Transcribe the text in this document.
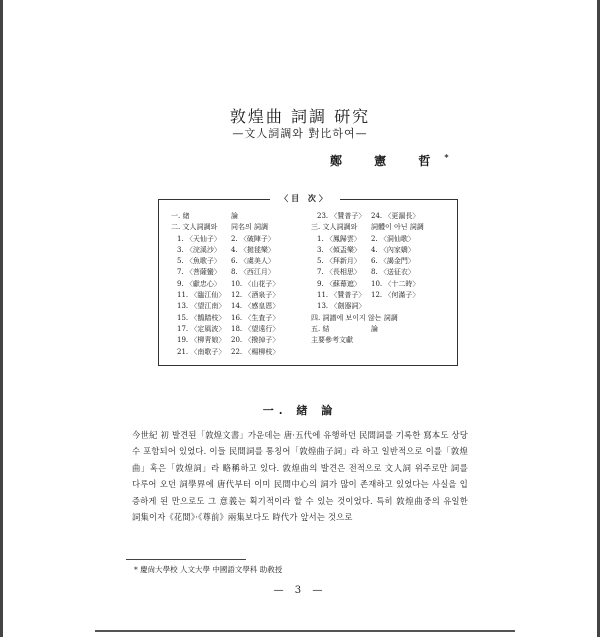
敦煌曲 詞調 硏究
—文人詞調와 對比하여—
鄭 憲 哲*
〈目 次〉
一. 緖	論
二. 文人詞調와 同名의 詞調
1. 〈天仙子〉 2. 〈破陣子〉
3. 〈浣溪沙〉 4. 〈拋毬樂〉
5. 〈魚歌子〉 6. 〈虞美人〉
7. 〈菩薩蠻〉 8. 〈西江月〉
9. 〈獻忠心〉 10. 〈山花子〉
11. 〈臨江仙〉 12. 〈酒泉子〉
13. 〈望江南〉 14. 〈感皇恩〉
15. 〈鵲踏枝〉 16. 〈生査子〉
17. 〈定風波〉 18. 〈望遠行〉
19. 〈柳靑娘〉 20. 〈撥掉子〉
21. 〈南歌子〉 22. 〈楊柳枝〉
23. 〈贊普子〉 24. 〈更漏長〉
三. 文人詞調와 詞體이 아닌 詞調
1. 〈鳳歸雲〉 2. 〈洞仙歌〉
3. 〈傾盃樂〉 4. 〈內家嬌〉
5. 〈拜新月〉 6. 〈謁金門〉
7. 〈長相思〉 8. 〈送征衣〉
9. 〈蘇幕遮〉 10. 〈十二時〉
11. 〈贊普子〉 12. 〈何滿子〉
13. 〈劍器詞〉
四. 詞譜에 보이지 않는 詞調
五. 結	論
主要參考文獻
一. 緖 論

今世紀 初 발견된「敦煌文書」가운데는 唐·五代에 유행하던 民間詞를 기록한 寫本도 상당수 포함되어 있었다. 이들 民間詞를 통칭어「敦煌曲子詞」라 하고 일반적으로 이를「敦煌曲」혹은「敦煌詞」라 略稱하고 있다. 敦煌曲의 발견은 전적으로 文人詞 위주로만 詞를 다루어 오던 詞學界에 唐代부터 이미 民間中心의 詞가 많이 존재하고 있었다는 사실을 입증하게 된 만으로도 그 意義는 획기적이라 할 수 있는 것이었다. 특히 敦煌曲중의 유일한 詞集이자《花間》·《尊前》兩集보다도 時代가 앞서는 것으로

* 慶尙大學校 人文大學 中國語文學科 助敎授
— 3 —
